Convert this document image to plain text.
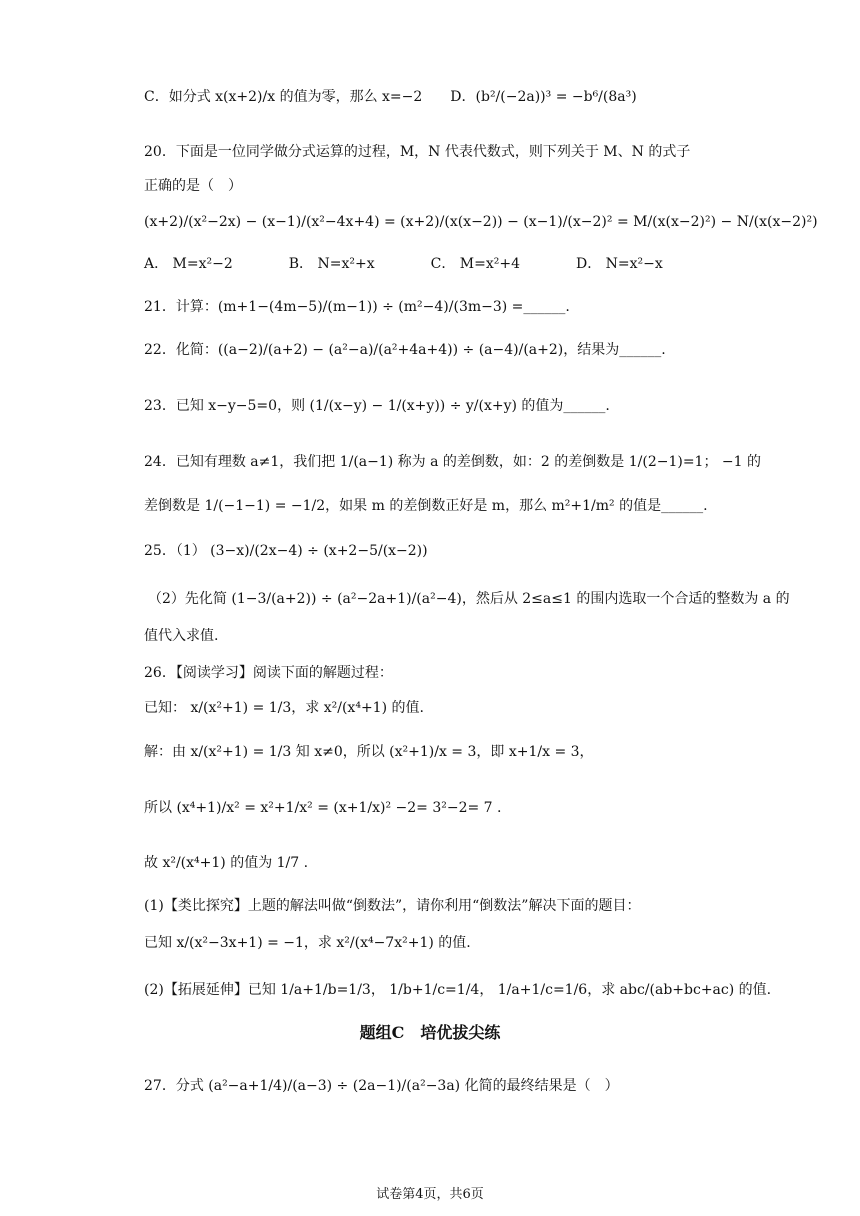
C．如分式 x(x+2)/x 的值为零，那么 x=−2　　D．(b²/(−2a))³ = −b⁶/(8a³)
20．下面是一位同学做分式运算的过程，M，N 代表代数式，则下列关于 M、N 的式子
正确的是（　）
(x+2)/(x²−2x) − (x−1)/(x²−4x+4) = (x+2)/(x(x−2)) − (x−1)/(x−2)² = M/(x(x−2)²) − N/(x(x−2)²)
A． M=x²−2　　　　B． N=x²+x　　　　C． M=x²+4　　　　D． N=x²−x
21．计算：(m+1−(4m−5)/(m−1)) ÷ (m²−4)/(3m−3) =______.
22．化简：((a−2)/(a+2) − (a²−a)/(a²+4a+4)) ÷ (a−4)/(a+2)，结果为______.
23．已知 x−y−5=0，则 (1/(x−y) − 1/(x+y)) ÷ y/(x+y) 的值为______.
24．已知有理数 a≠1，我们把 1/(a−1) 称为 a 的差倒数，如：2 的差倒数是 1/(2−1)=1； −1 的
差倒数是 1/(−1−1) = −1/2，如果 m 的差倒数正好是 m，那么 m²+1/m² 的值是______.
25．（1） (3−x)/(2x−4) ÷ (x+2−5/(x−2))
（2）先化简 (1−3/(a+2)) ÷ (a²−2a+1)/(a²−4)，然后从 2≤a≤1 的围内选取一个合适的整数为 a 的
值代入求值.
26．【阅读学习】阅读下面的解题过程：
已知： x/(x²+1) = 1/3，求 x²/(x⁴+1) 的值.
解：由 x/(x²+1) = 1/3 知 x≠0，所以 (x²+1)/x = 3，即 x+1/x = 3，
所以 (x⁴+1)/x² = x²+1/x² = (x+1/x)² −2= 3²−2= 7 .
故 x²/(x⁴+1) 的值为 1/7 .
(1)【类比探究】上题的解法叫做“倒数法”，请你利用“倒数法”解决下面的题目：
已知 x/(x²−3x+1) = −1，求 x²/(x⁴−7x²+1) 的值.
(2)【拓展延伸】已知 1/a+1/b=1/3， 1/b+1/c=1/4， 1/a+1/c=1/6，求 abc/(ab+bc+ac) 的值.
27．分式 (a²−a+1/4)/(a−3) ÷ (2a−1)/(a²−3a) 化简的最终结果是（　）
题组C　培优拔尖练
试卷第4页，共6页
